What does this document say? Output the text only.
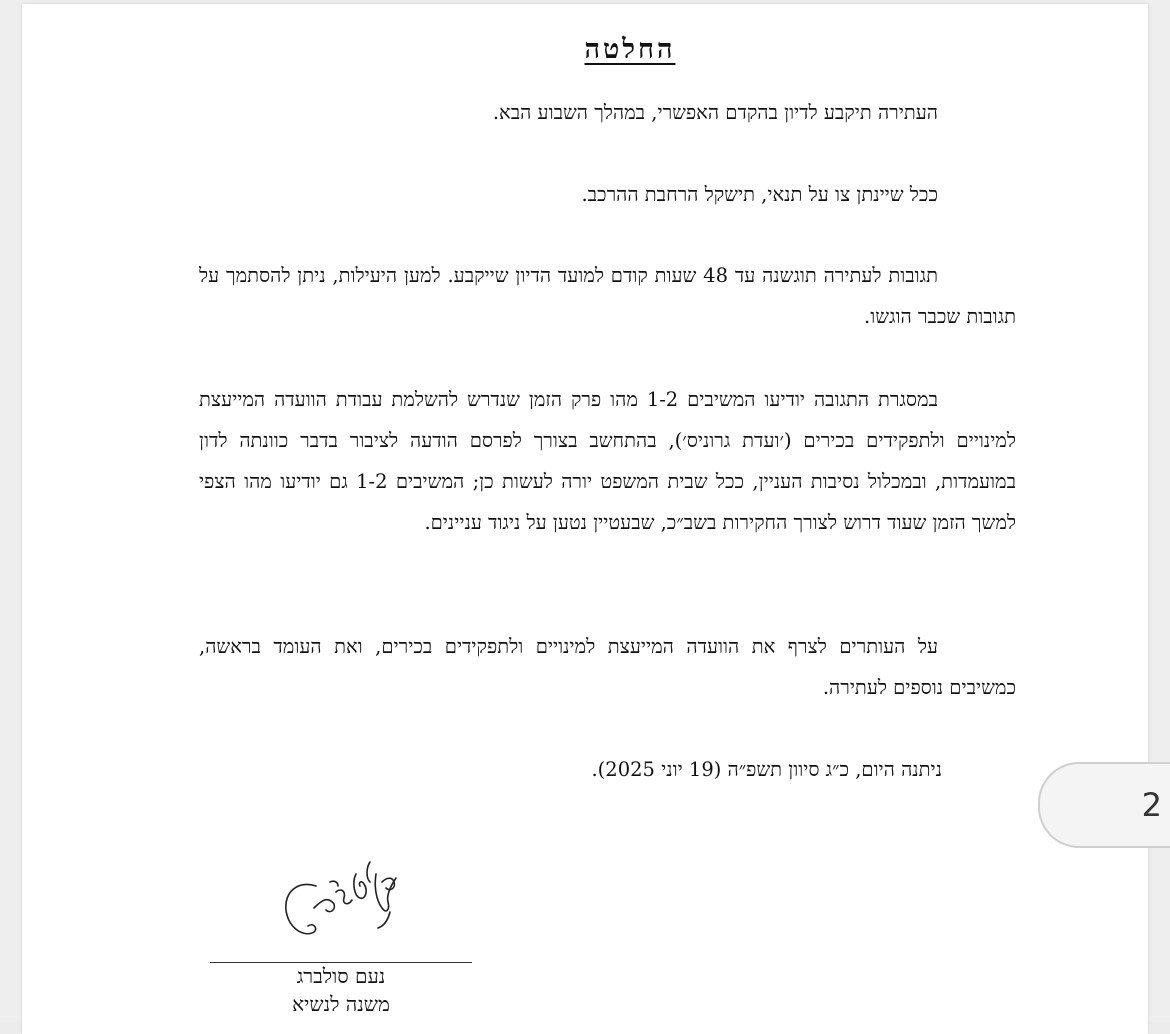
החלטה
העתירה תיקבע לדיון בהקדם האפשרי, במהלך השבוע הבא.
ככל שיינתן צו על תנאי, תישקל הרחבת ההרכב.
תגובות לעתירה תוגשנה עד 48 שעות קודם למועד הדיון שייקבע. למען היעילות, ניתן להסתמך על תגובות שכבר הוגשו.
במסגרת התגובה יודיעו המשיבים 1-2 מהו פרק הזמן שנדרש להשלמת עבודת הוועדה המייעצת למינויים ולתפקידים בכירים (׳ועדת גרוניס׳), בהתחשב בצורך לפרסם הודעה לציבור בדבר כוונתה לדון במועמדות, ובמכלול נסיבות העניין, ככל שבית המשפט יורה לעשות כן; המשיבים 1-2 גם יודיעו מהו הצפי למשך הזמן שעוד דרוש לצורך החקירות בשב״כ, שבעטיין נטען על ניגוד עניינים.
על העותרים לצרף את הוועדה המייעצת למינויים ולתפקידים בכירים, ואת העומד בראשה, כמשיבים נוספים לעתירה.
ניתנה היום, כ״ג סיוון תשפ״ה (19 יוני 2025).
נעם סולברג
משנה לנשיא
2
